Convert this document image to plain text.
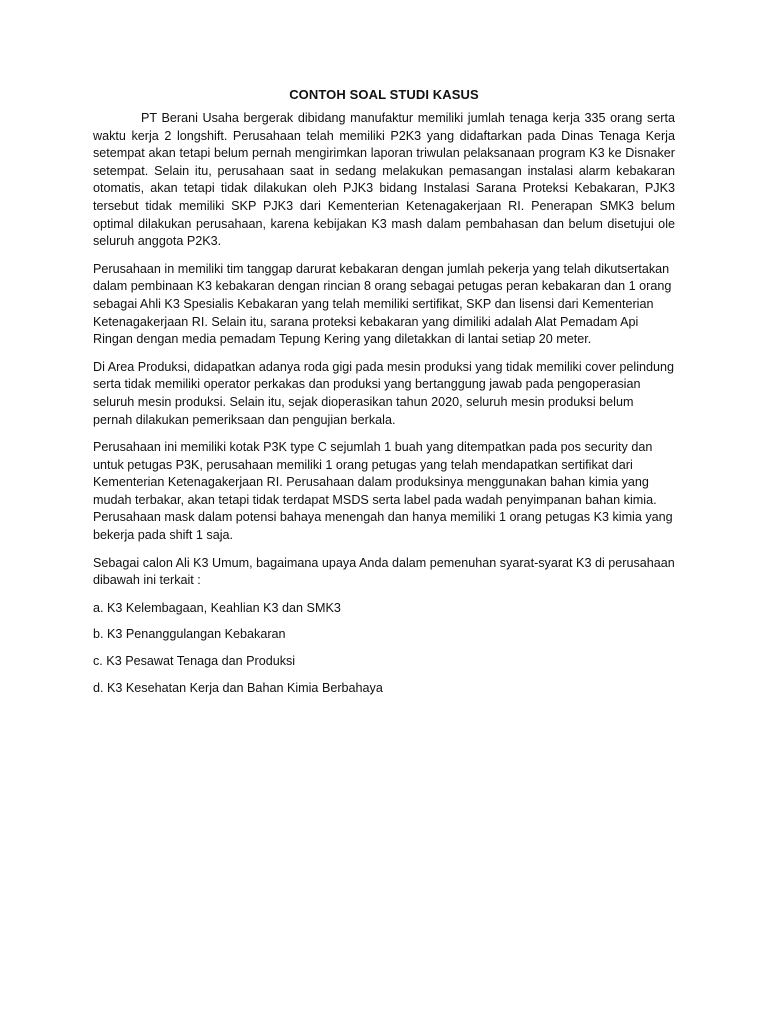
CONTOH SOAL STUDI KASUS

PT Berani Usaha bergerak dibidang manufaktur memiliki jumlah tenaga kerja 335 orang serta waktu kerja 2 longshift. Perusahaan telah memiliki P2K3 yang didaftarkan pada Dinas Tenaga Kerja setempat akan tetapi belum pernah mengirimkan laporan triwulan pelaksanaan program K3 ke Disnaker setempat. Selain itu, perusahaan saat in sedang melakukan pemasangan instalasi alarm kebakaran otomatis, akan tetapi tidak dilakukan oleh PJK3 bidang Instalasi Sarana Proteksi Kebakaran, PJK3 tersebut tidak memiliki SKP PJK3 dari Kementerian Ketenagakerjaan RI. Penerapan SMK3 belum optimal dilakukan perusahaan, karena kebijakan K3 mash dalam pembahasan dan belum disetujui ole seluruh anggota P2K3.

Perusahaan in memiliki tim tanggap darurat kebakaran dengan jumlah pekerja yang telah dikutsertakan dalam pembinaan K3 kebakaran dengan rincian 8 orang sebagai petugas peran kebakaran dan 1 orang sebagai Ahli K3 Spesialis Kebakaran yang telah memiliki sertifikat, SKP dan lisensi dari Kementerian Ketenagakerjaan RI. Selain itu, sarana proteksi kebakaran yang dimiliki adalah Alat Pemadam Api Ringan dengan media pemadam Tepung Kering yang diletakkan di lantai setiap 20 meter.

Di Area Produksi, didapatkan adanya roda gigi pada mesin produksi yang tidak memiliki cover pelindung serta tidak memiliki operator perkakas dan produksi yang bertanggung jawab pada pengoperasian seluruh mesin produksi. Selain itu, sejak dioperasikan tahun 2020, seluruh mesin produksi belum pernah dilakukan pemeriksaan dan pengujian berkala.

Perusahaan ini memiliki kotak P3K type C sejumlah 1 buah yang ditempatkan pada pos security dan untuk petugas P3K, perusahaan memiliki 1 orang petugas yang telah mendapatkan sertifikat dari Kementerian Ketenagakerjaan RI. Perusahaan dalam produksinya menggunakan bahan kimia yang mudah terbakar, akan tetapi tidak terdapat MSDS serta label pada wadah penyimpanan bahan kimia. Perusahaan mask dalam potensi bahaya menengah dan hanya memiliki 1 orang petugas K3 kimia yang bekerja pada shift 1 saja.

Sebagai calon Ali K3 Umum, bagaimana upaya Anda dalam pemenuhan syarat-syarat K3 di perusahaan dibawah ini terkait :

a. K3 Kelembagaan, Keahlian K3 dan SMK3
b. K3 Penanggulangan Kebakaran
c. K3 Pesawat Tenaga dan Produksi
d. K3 Kesehatan Kerja dan Bahan Kimia Berbahaya
